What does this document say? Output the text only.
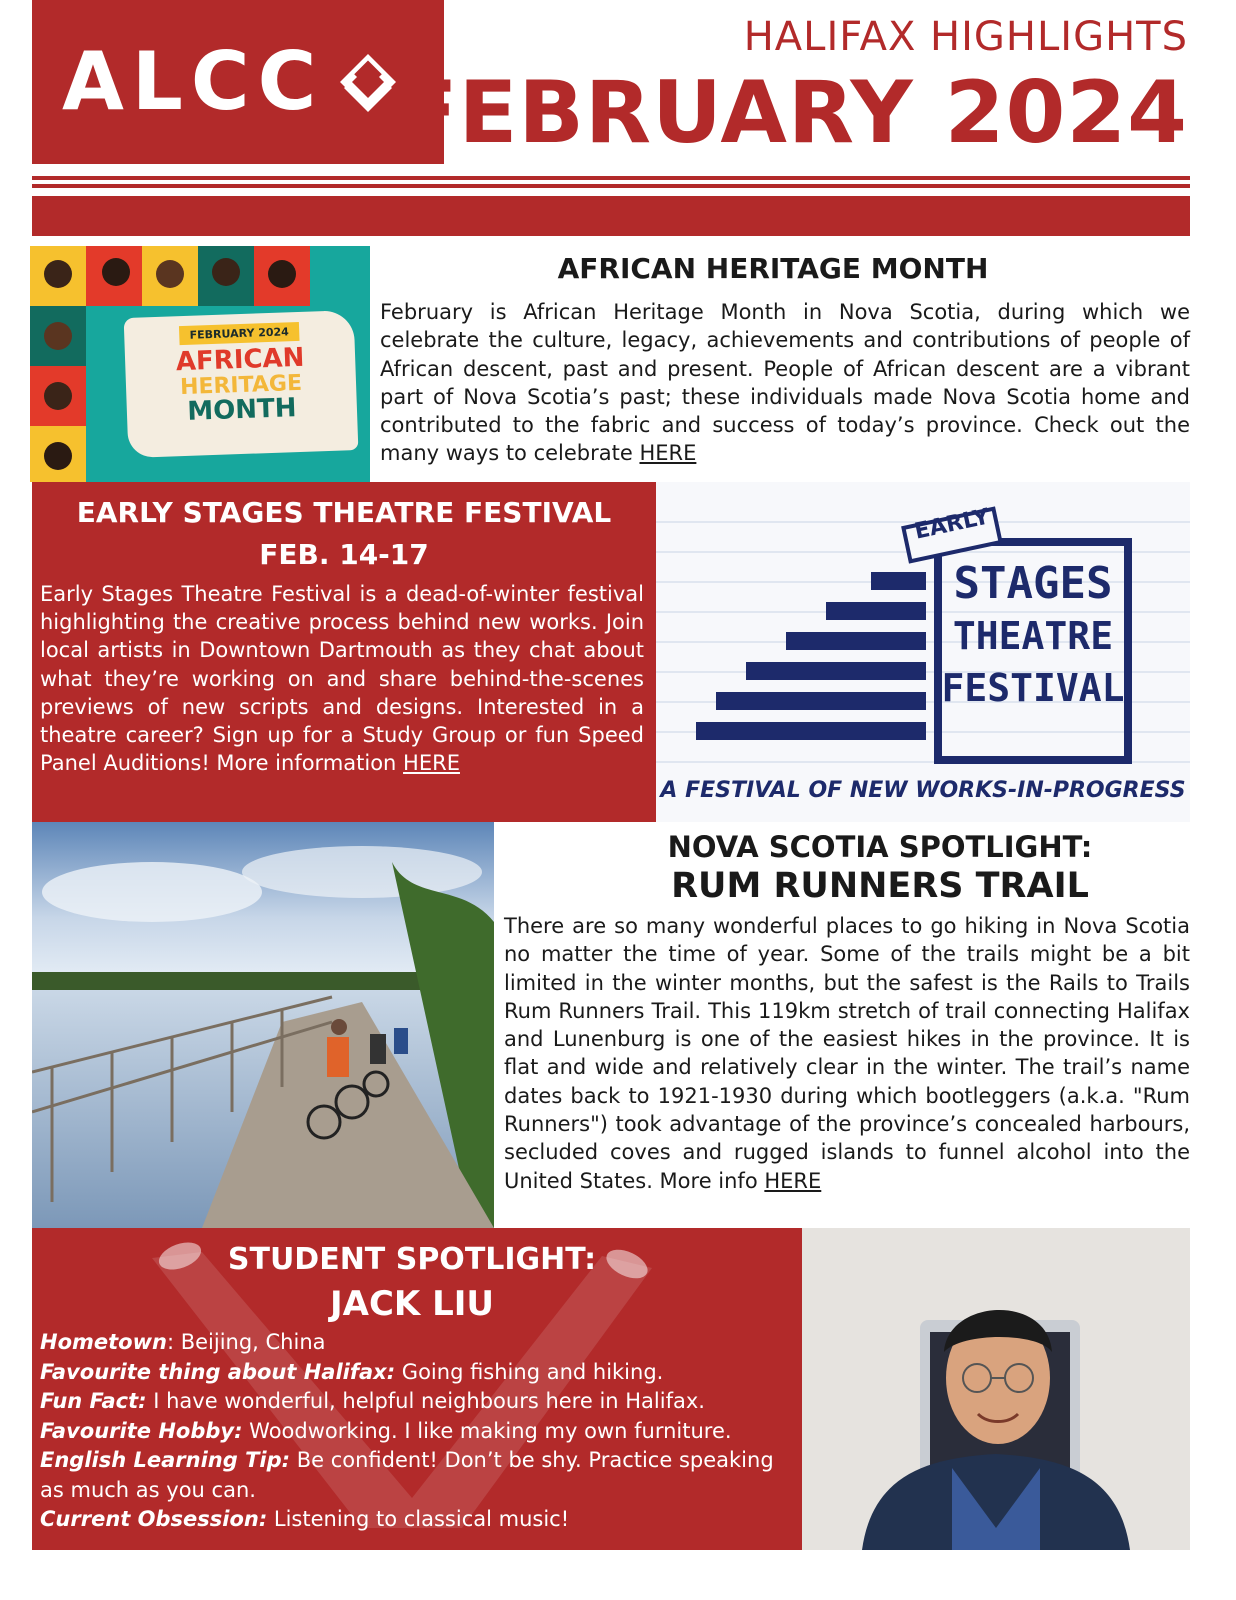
ALCC	HALIFAX HIGHLIGHTS
FEBRUARY 2024
FEBRUARY 2024
AFRICAN
HERITAGE
MONTH
AFRICAN HERITAGE MONTH
February is African Heritage Month in Nova Scotia, during which we celebrate the culture, legacy, achievements and contributions of people of African descent, past and present. People of African descent are a vibrant part of Nova Scotia’s past; these individuals made Nova Scotia home and contributed to the fabric and success of today’s province. Check out the many ways to celebrate HERE
EARLY STAGES THEATRE FESTIVAL
FEB. 14-17
Early Stages Theatre Festival is a dead-of-winter festival highlighting the creative process behind new works. Join local artists in Downtown Dartmouth as they chat about what they’re working on and share behind-the-scenes previews of new scripts and designs. Interested in a theatre career? Sign up for a Study Group or fun Speed Panel Auditions! More information HERE
EARLY
STAGES
THEATRE
FESTIVAL
A FESTIVAL OF NEW WORKS-IN-PROGRESS
NOVA SCOTIA SPOTLIGHT:
RUM RUNNERS TRAIL
There are so many wonderful places to go hiking in Nova Scotia no matter the time of year. Some of the trails might be a bit limited in the winter months, but the safest is the Rails to Trails Rum Runners Trail. This 119km stretch of trail connecting Halifax and Lunenburg is one of the easiest hikes in the province. It is flat and wide and relatively clear in the winter. The trail’s name dates back to 1921-1930 during which bootleggers (a.k.a. "Rum Runners") took advantage of the province’s concealed harbours, secluded coves and rugged islands to funnel alcohol into the United States. More info HERE
STUDENT SPOTLIGHT:
JACK LIU
Hometown: Beijing, China
Favourite thing about Halifax: Going fishing and hiking.
Fun Fact: I have wonderful, helpful neighbours here in Halifax.
Favourite Hobby: Woodworking. I like making my own furniture.
English Learning Tip: Be confident! Don’t be shy. Practice speaking as much as you can.
Current Obsession: Listening to classical music!
